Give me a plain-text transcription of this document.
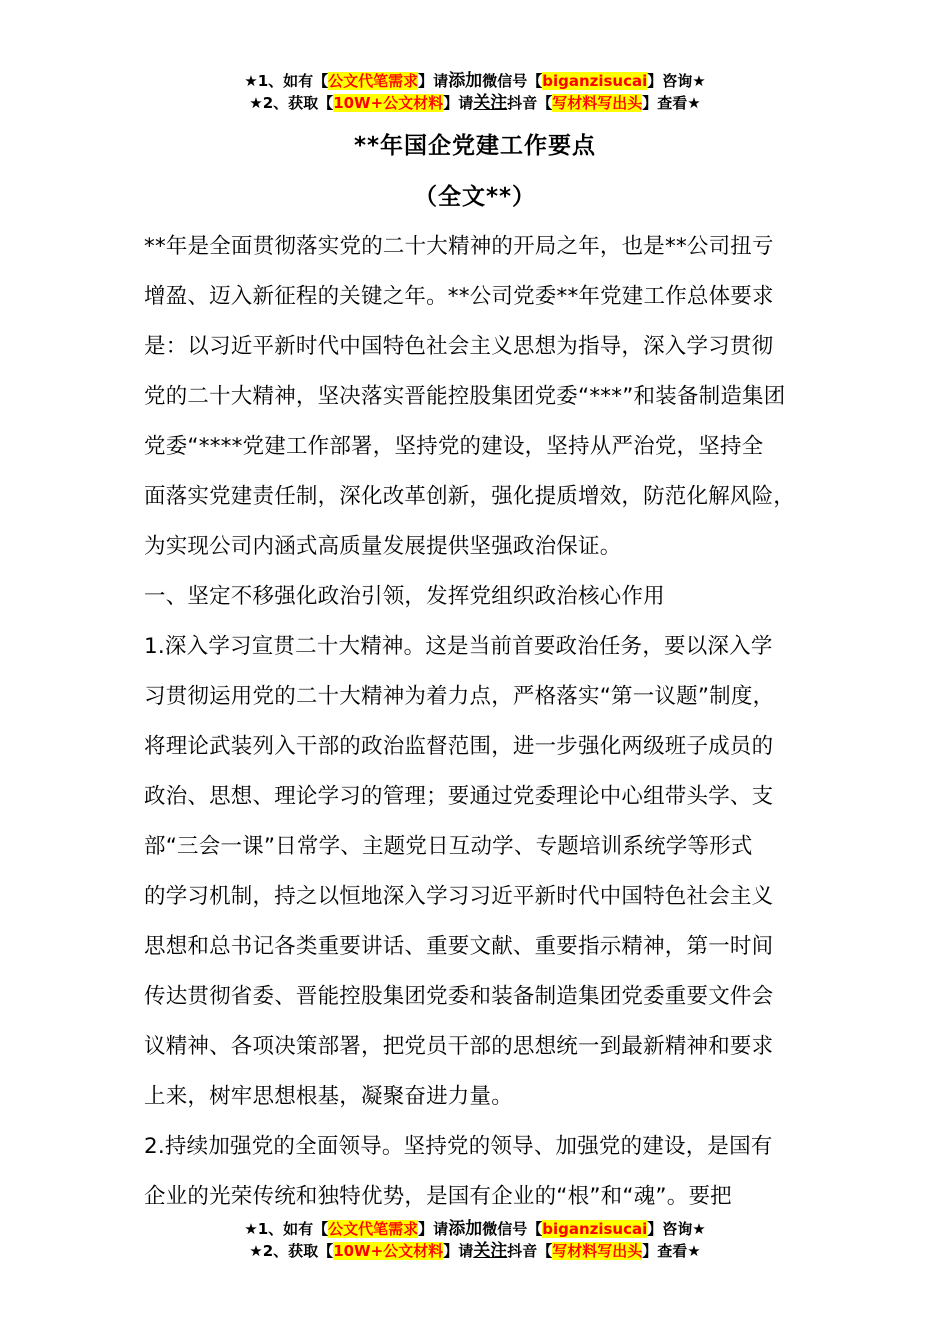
★1、如有【公文代笔需求】请添加微信号【biganzisucai】咨询★
★2、获取【10W+公文材料】请关注抖音【写材料写出头】查看★
**年国企党建工作要点
（全文**）

**年是全面贯彻落实党的二十大精神的开局之年，也是**公司扭亏

增盈、迈入新征程的关键之年。**公司党委**年党建工作总体要求

是：以习近平新时代中国特色社会主义思想为指导，深入学习贯彻

党的二十大精神，坚决落实晋能控股集团党委“***”和装备制造集团

党委“****党建工作部署，坚持党的建设，坚持从严治党，坚持全

面落实党建责任制，深化改革创新，强化提质增效，防范化解风险，

为实现公司内涵式高质量发展提供坚强政治保证。

一、坚定不移强化政治引领，发挥党组织政治核心作用

1.深入学习宣贯二十大精神。这是当前首要政治任务，要以深入学

习贯彻运用党的二十大精神为着力点，严格落实“第一议题”制度，

将理论武装列入干部的政治监督范围，进一步强化两级班子成员的

政治、思想、理论学习的管理；要通过党委理论中心组带头学、支

部“三会一课”日常学、主题党日互动学、专题培训系统学等形式

的学习机制，持之以恒地深入学习习近平新时代中国特色社会主义

思想和总书记各类重要讲话、重要文献、重要指示精神，第一时间

传达贯彻省委、晋能控股集团党委和装备制造集团党委重要文件会

议精神、各项决策部署，把党员干部的思想统一到最新精神和要求

上来，树牢思想根基，凝聚奋进力量。

2.持续加强党的全面领导。坚持党的领导、加强党的建设，是国有

企业的光荣传统和独特优势，是国有企业的“根”和“魂”。要把

★1、如有【公文代笔需求】请添加微信号【biganzisucai】咨询★
★2、获取【10W+公文材料】请关注抖音【写材料写出头】查看★
